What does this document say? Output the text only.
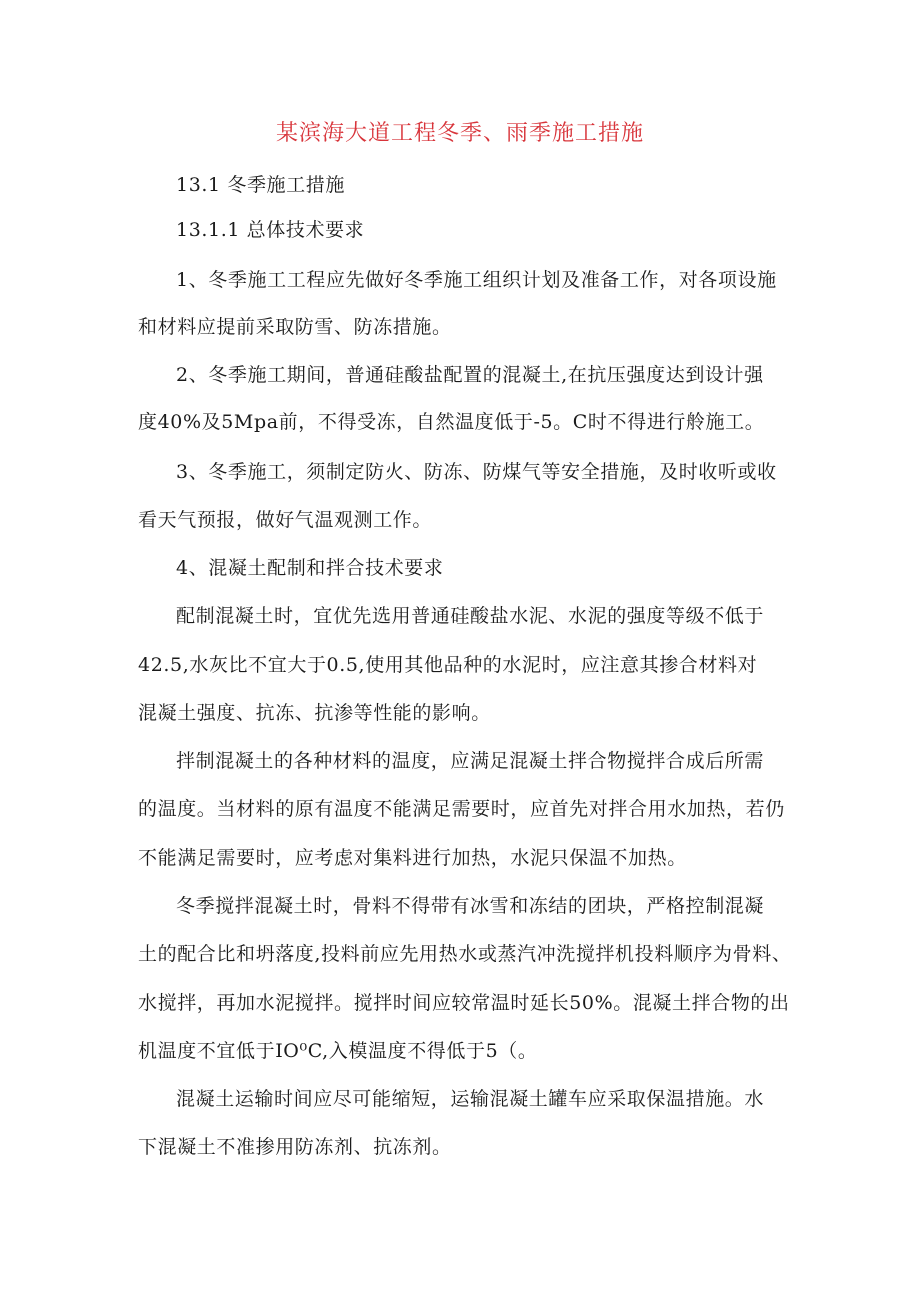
某滨海大道工程冬季、雨季施工措施

13.1 冬季施工措施

13.1.1 总体技术要求

1、冬季施工工程应先做好冬季施工组织计划及准备工作，对各项设施

和材料应提前采取防雪、防冻措施。

2、冬季施工期间，普通硅酸盐配置的混凝土,在抗压强度达到设计强

度40%及5Mpa前，不得受冻，自然温度低于-5。C时不得进行舲施工。

3、冬季施工，须制定防火、防冻、防煤气等安全措施，及时收听或收

看天气预报，做好气温观测工作。

4、混凝土配制和拌合技术要求

配制混凝土时，宜优先选用普通硅酸盐水泥、水泥的强度等级不低于

42.5,水灰比不宜大于0.5,使用其他品种的水泥时，应注意其掺合材料对

混凝土强度、抗冻、抗渗等性能的影响。

拌制混凝土的各种材料的温度，应满足混凝土拌合物搅拌合成后所需

的温度。当材料的原有温度不能满足需要时，应首先对拌合用水加热，若仍

不能满足需要时，应考虑对集料进行加热，水泥只保温不加热。

冬季搅拌混凝土时，骨料不得带有冰雪和冻结的团块，严格控制混凝

土的配合比和坍落度,投料前应先用热水或蒸汽冲洗搅拌机投料顺序为骨料、

水搅拌，再加水泥搅拌。搅拌时间应较常温时延长50%。混凝土拌合物的出

机温度不宜低于IO⁰C,入模温度不得低于5（。

混凝土运输时间应尽可能缩短，运输混凝土罐车应采取保温措施。水

下混凝土不准掺用防冻剂、抗冻剂。
